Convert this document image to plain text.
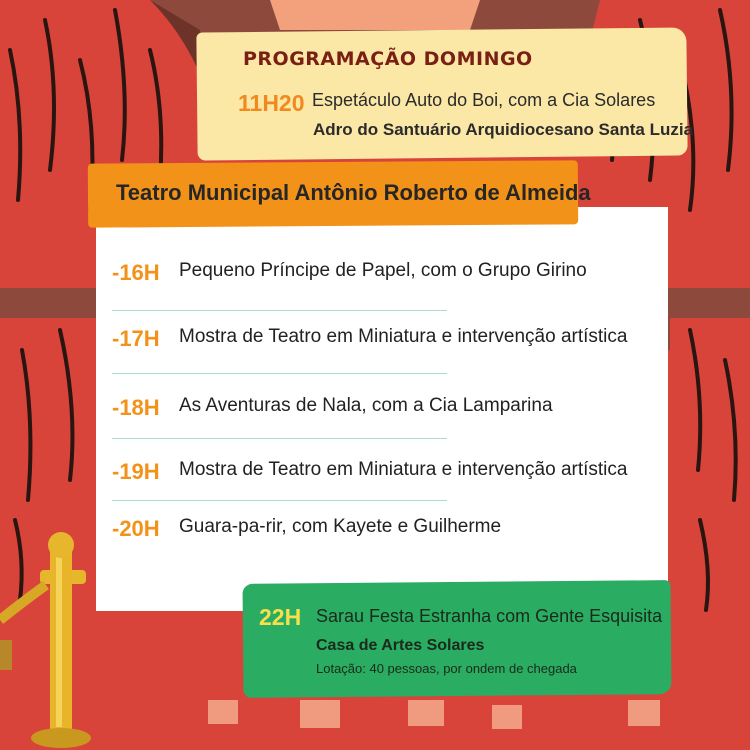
PROGRAMAÇÃO DOMINGO
11H20 Espetáculo Auto do Boi, com a Cia Solares
Adro do Santuário Arquidiocesano Santa Luzia
Teatro Municipal Antônio Roberto de Almeida
-16H Pequeno Príncipe de Papel, com o Grupo Girino
-17H Mostra de Teatro em Miniatura e intervenção artística
-18H As Aventuras de Nala, com a Cia Lamparina
-19H Mostra de Teatro em Miniatura e intervenção artística
-20H Guara-pa-rir, com Kayete e Guilherme
22H Sarau Festa Estranha com Gente Esquisita
Casa de Artes Solares
Lotação: 40 pessoas, por ondem de chegada
